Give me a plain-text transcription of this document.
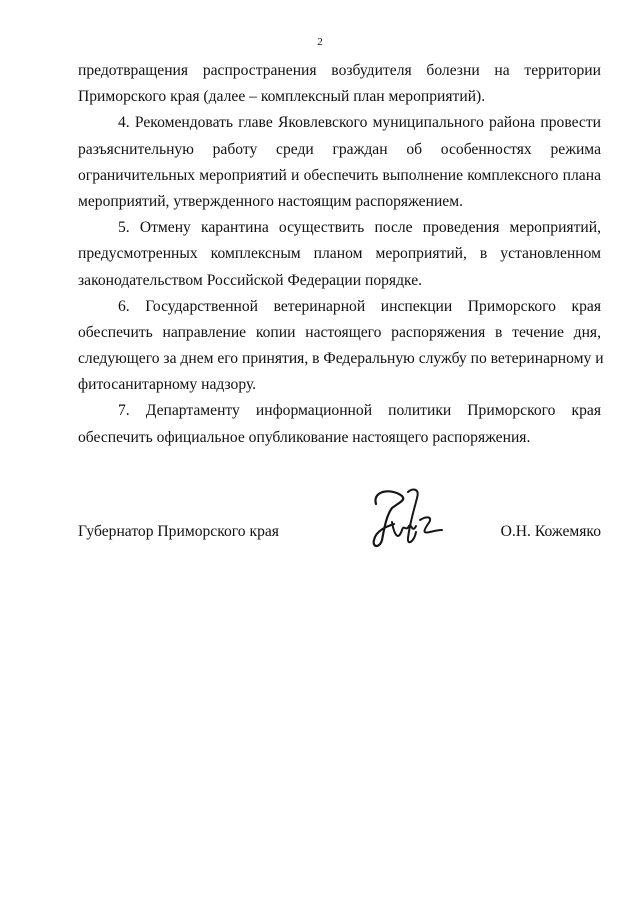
2
предотвращения распространения возбудителя болезни на территории
Приморского края (далее – комплексный план мероприятий).
4. Рекомендовать главе Яковлевского муниципального района провести
разъяснительную работу среди граждан об особенностях режима
ограничительных мероприятий и обеспечить выполнение комплексного плана
мероприятий, утвержденного настоящим распоряжением.
5. Отмену карантина осуществить после проведения мероприятий,
предусмотренных комплексным планом мероприятий, в установленном
законодательством Российской Федерации порядке.
6. Государственной ветеринарной инспекции Приморского края
обеспечить направление копии настоящего распоряжения в течение дня,
следующего за днем его принятия, в Федеральную службу по ветеринарному и
фитосанитарному надзору.
7. Департаменту информационной политики Приморского края
обеспечить официальное опубликование настоящего распоряжения.
Губернатор Приморского края	О.Н. Кожемяко
